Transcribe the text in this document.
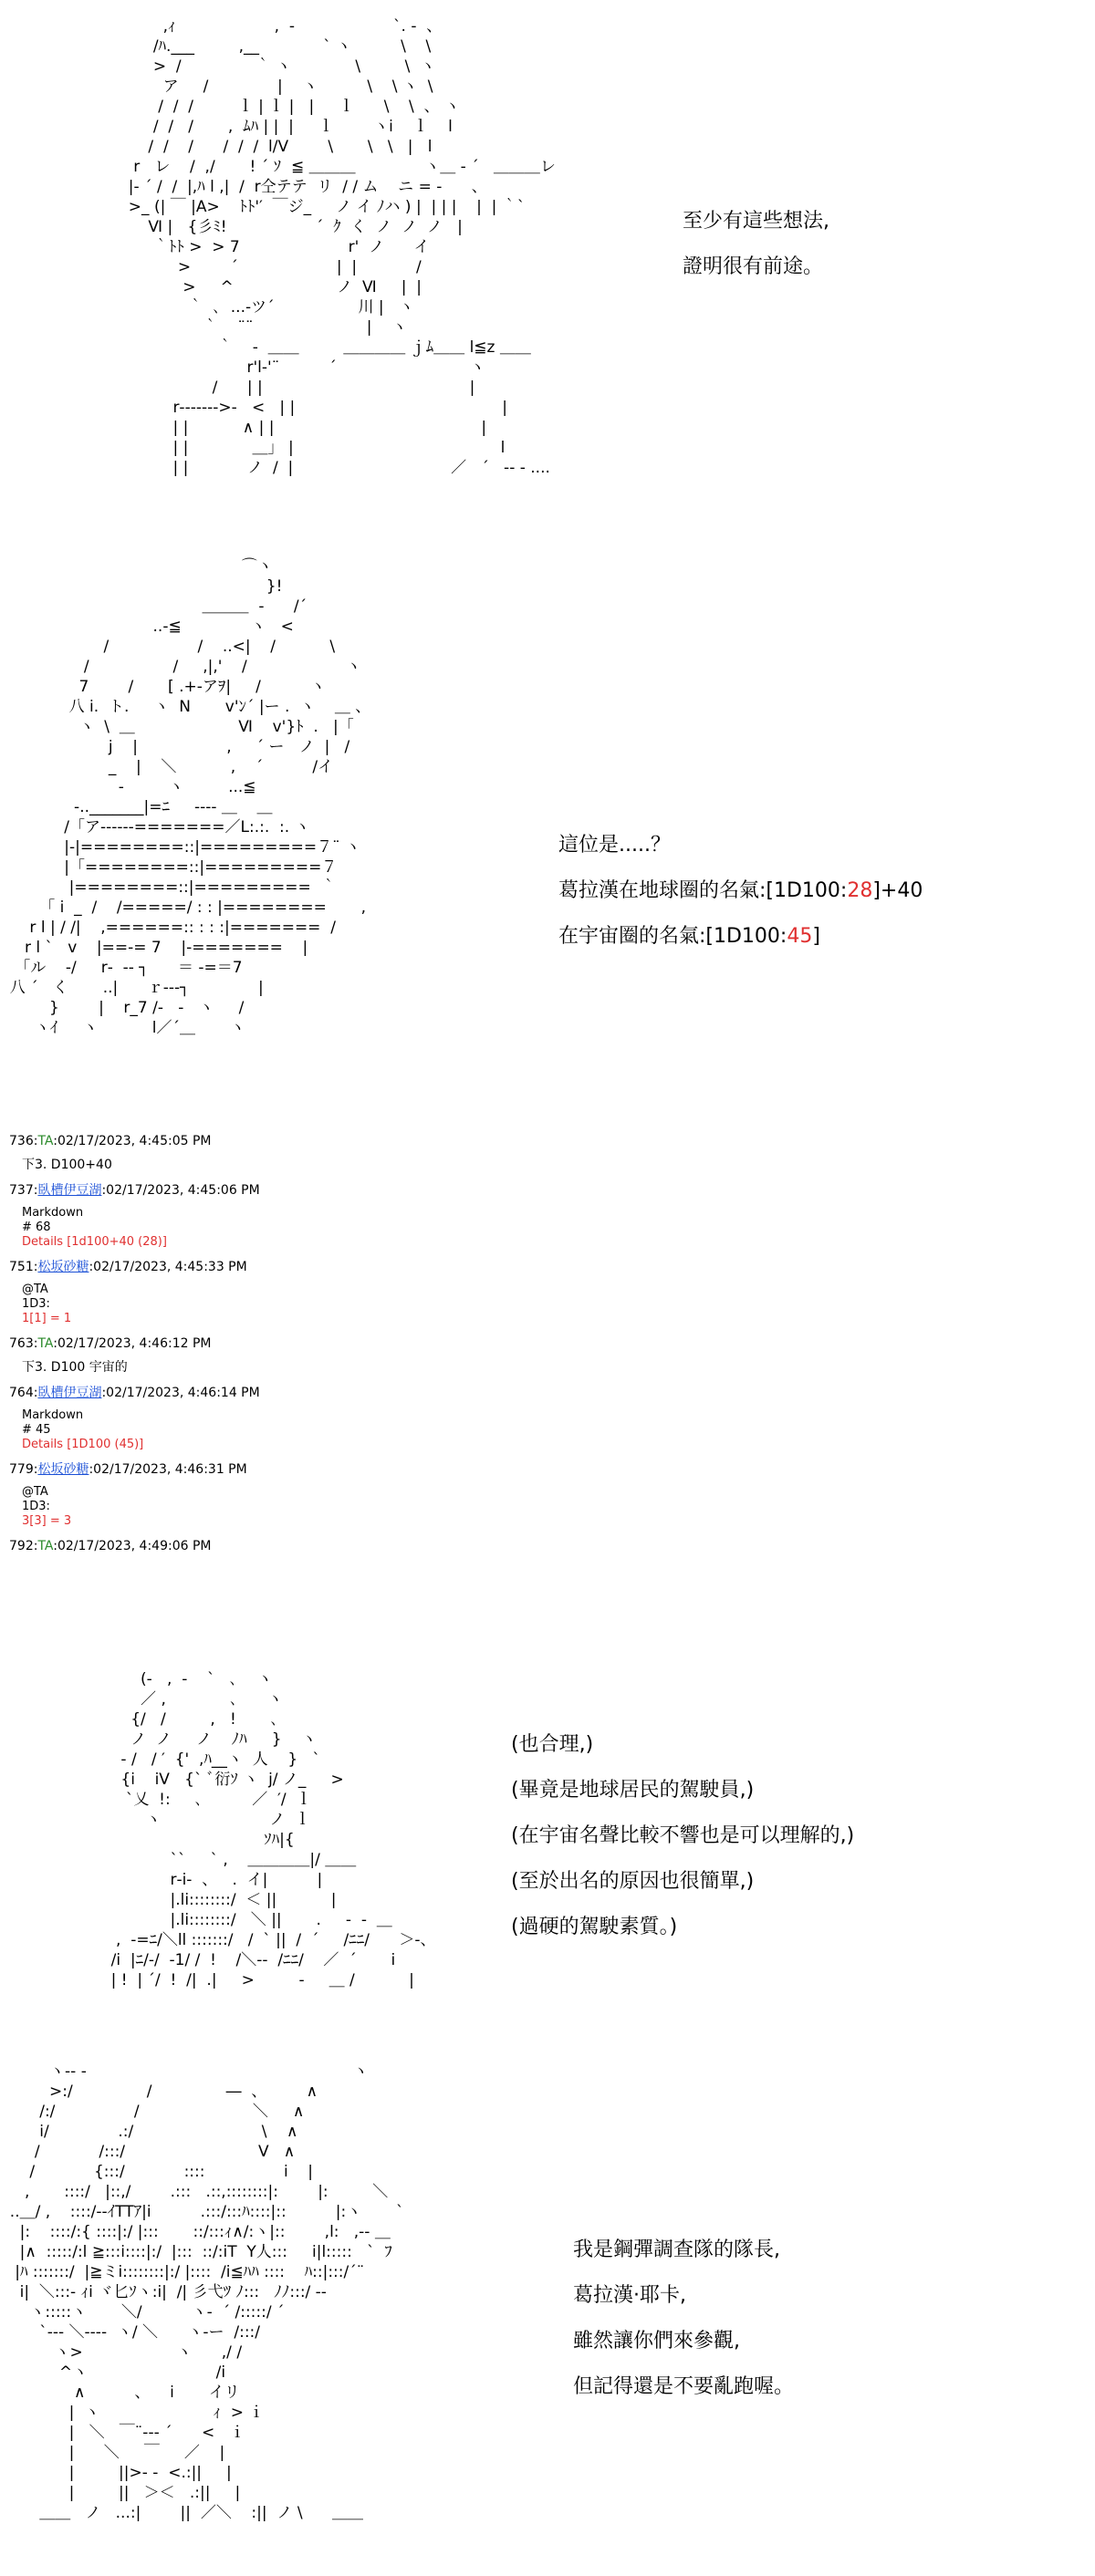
,ｨ                    ,  -                    `. ‐  、
/ﾊ.___         ,__             ` ヽ          \    \
>  /               ｀ ヽ             \         \  ヽ
ア     /              |    ヽ          \    \ ヽ  \
/  /  /         ｌ | ｌ |   |     ｌ      \    \  、 ヽ
/  /   /       ,  ﾑﾊ | |  |     ｌ        ヽi    ｌ    l
/  /    /      /  /  /  l/V        \       \   \   |   l
r   レ    /  ,/       ! ´ ｿ  ≦ ＿＿＿              ヽ＿ ‐ ´   ＿＿＿レ
|‐ ´ /  /  |,ﾊ l ,|  /  r仝テテ  リ  / / ム    ニ = ‐      、
>_ (| ￣ |A>    ﾄﾄ'′  ￣ジ_     ノ イ ﾉハ ) |  | | |    |  | ｀`
Ⅵ |   {彡ﾐ!                  ´  ｸ  く  ノ  ノ  ノ   |
｀ﾄﾄ >  > 7                      r'  ノ      イ
>        ´                    |  |            /
>     ^                     ノ  Ⅵ     |  |
｀  ､  ...‐ツ´                 川 |   ヽ
｀    ¨¨                       |    ヽ
｀    ‐  ＿＿         ＿＿＿＿ ｊﾑ＿＿ l≦z ＿＿
r'l‐'¨          ´                           ヽ
/      | |                                          |
r‐‐‐‐‐‐‐>‐   <   | |                                          |
| |           ∧ | |                                          |
| |             ＿」 |                                          l
| |            ノ  /  |                                ／   ´   ‐‐ ‐ ....
至少有這些想法,
證明很有前途。
⌒ヽ
}!
＿＿＿  ‐      /´
..-≦              ヽ   <
/                  /    ..<|    /           \
/                 /     ,|,'    /                    ヽ
7        /       [ .+‐アｦ|     /          ヽ
八 i.  ト.     ヽ  N       v'ﾝ´ |ー .  ヽ    ＿ 、
ヽ  \  ＿                     Ⅵ    v'}ﾄ  .   |「
j    |                  ,     ´ ー   ノ  |   /
_    |    ＼           ,    ´          /イ
‐         ヽ         ...≦
‐.._______|=ﾆ     ‐‐‐‐ ＿    ＿
/「ア‐‐‐‐‐‐=======／L:.:.  :. ヽ
|‐|========::|=========７¨ ヽ
|「========::|=========７
|========::|=========  ｀
「 i  _  /    /=====/ : : |========       ,
r l | / /|    ,======:: : : :|=======  /
r l `   v    |==‐= 7    |‐=======    |
「ル    ‐/     r‐  ‐‐ ┐      ＝ ‐=＝7
八 ´   く       ..|      ｒ‐‐‐┐              |
}        |    r_7 /‐   -   ヽ     /
ヽｲ     ヽ           l／´＿       ヽ
這位是.....？
葛拉漢在地球圈的名氣:[1D100:28]+40
在宇宙圈的名氣:[1D100:45]
736:TA:02/17/2023, 4:45:05 PM
下3. D100+40
737:臥槽伊豆湖:02/17/2023, 4:45:06 PM
Markdown
# 68
Details [1d100+40 (28)]
751:松坂砂糖:02/17/2023, 4:45:33 PM
@TA
1D3:
1[1] = 1
763:TA:02/17/2023, 4:46:12 PM
下3. D100 宇宙的
764:臥槽伊豆湖:02/17/2023, 4:46:14 PM
Markdown
# 45
Details [1D100 (45)]
779:松坂砂糖:02/17/2023, 4:46:31 PM
@TA
1D3:
3[3] = 3
792:TA:02/17/2023, 4:49:06 PM
(‐   ,  ‐    `   ､    ヽ
／ ,             ､      ヽ
{/   /         ,   !       ､
ノ  ノ     ノ    ﾉﾊ     }    ヽ
‐ /   / ′  {'  ,ﾊ__ヽ  人    }   `
{i    iV   {` ﾞ衍ｿ ヽ  j/ ノ_     >
`乂  !:     ､          ／  ′/  ｌ
ヽ                      ノ  ｌ
ｿﾊ|{
``     ` ,    ＿＿＿＿|/ ＿＿
r‐i‐  、   .  イ|          |
|.li::::::::/  ＜ ||           |
|.li::::::::/   ＼ ||       .     ‐  ‐  ＿
,  ‐=ﾆ/＼ll :::::::/   /  ` ||  /  ´     /ﾆﾆ/      ＞‐、
/i  |ﾆ/‐/  ‐1/ /  !    /＼‐‐  /ﾆﾆ/    ／  ´       i
| !  | ´/  !  /|  .|     >         ‐     ＿ /           |
(也合理,)
(畢竟是地球居民的駕駛員,)
(在宇宙名聲比較不響也是可以理解的,)
(至於出名的原因也很簡單,)
(過硬的駕駛素質。)
ヽ‐‐ ‐                                                      ヽ
>:/               /               ―  、        ∧
/:/                /                       ＼     ∧
i/              .:/                          \    ∧
/            /:::/                           V   ∧
/            {:::/            ::::                i    |
,       ::::/   |::,/        .:::   .::,::::::::|:        |:         ＼
..＿/ ,    ::::/‐‐ｲTTｱ|i          .:::/:::ﾊ::::|::          |:ヽ       `
|:    ::::/:{ ::::|:/ |:::       ::/:::ｨ∧/:ヽ|::        ,l:   ,‐‐ ＿
|∧  :::::/:l ≧:::i::::|:/  |:::  ::/:iT  Y人:::     i|l:::::   `  ﾌ
|ﾊ :::::::/  |≧ミi::::::::|:/ |::::  /i≦ﾊﾊ ::::    ﾊ::|:::/´¨
i|  ＼:::‐ ｨi ヾ匕ｿヽ:i|  /| 彡弋ﾂ ﾉ:::   ﾉﾉ:::/ ‐‐
ヽ:::::ヽ       ＼/          ヽ‐  ´ /:::::/ ´
`‐‐‐ ＼‐‐‐‐  ヽ/ ＼      ヽ‐ー  /:::/
ヽ>                   ヽ      ,/ /
^ヽ                          /i
∧          、    i       イリ
|  ヽ                       ｨ  > ｉ
|   ＼   ￣¨‐‐‐ ´      <   ｉ
|      ＼     ￣     ／    |
|         ||>‐ ‐  <.:||     |
|         ||   ＞＜   .:||     |
＿＿   ノ   ...:|        ||  ／＼    :||  ノ \      ＿＿
我是鋼彈調查隊的隊長,
葛拉漢·耶卡,
雖然讓你們來參觀,
但記得還是不要亂跑喔。
